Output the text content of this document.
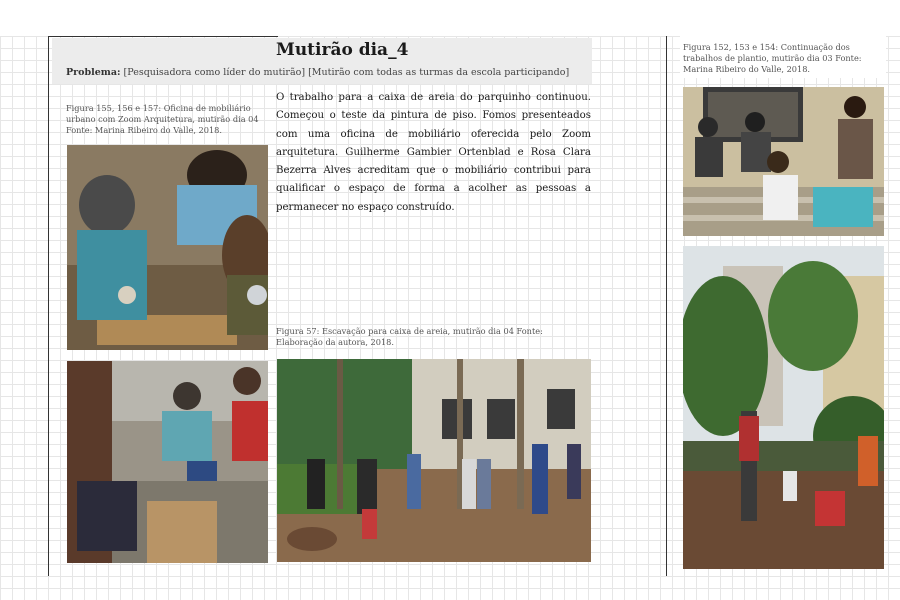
Mutirão dia_4
Problema: [Pesquisadora como líder do mutirão] [Mutirão com todas as turmas da escola participando]
Figura 155, 156 e 157: Oficina de mobiliário urbano com Zoom Arquitetura, mutirão dia 04 Fonte: Marina Ribeiro do Valle, 2018.
O trabalho para a caixa de areia do parquinho continuou. Começou o teste da pintura de piso. Fomos presenteados com uma oficina de mobiliário oferecida pelo Zoom arquitetura. Guilherme Gambier Ortenblad e Rosa Clara Bezerra Alves acreditam que o mobiliário contribui para qualificar o espaço de forma a acolher as pessoas a permanecer no espaço construído.
Figura 57: Escavação para caixa de areia, mutirão dia 04 Fonte: Elaboração da autora, 2018.
Figura 152, 153 e 154: Continuação dos trabalhos de plantio, mutirão dia 03 Fonte: Marina Ribeiro do Valle, 2018.
